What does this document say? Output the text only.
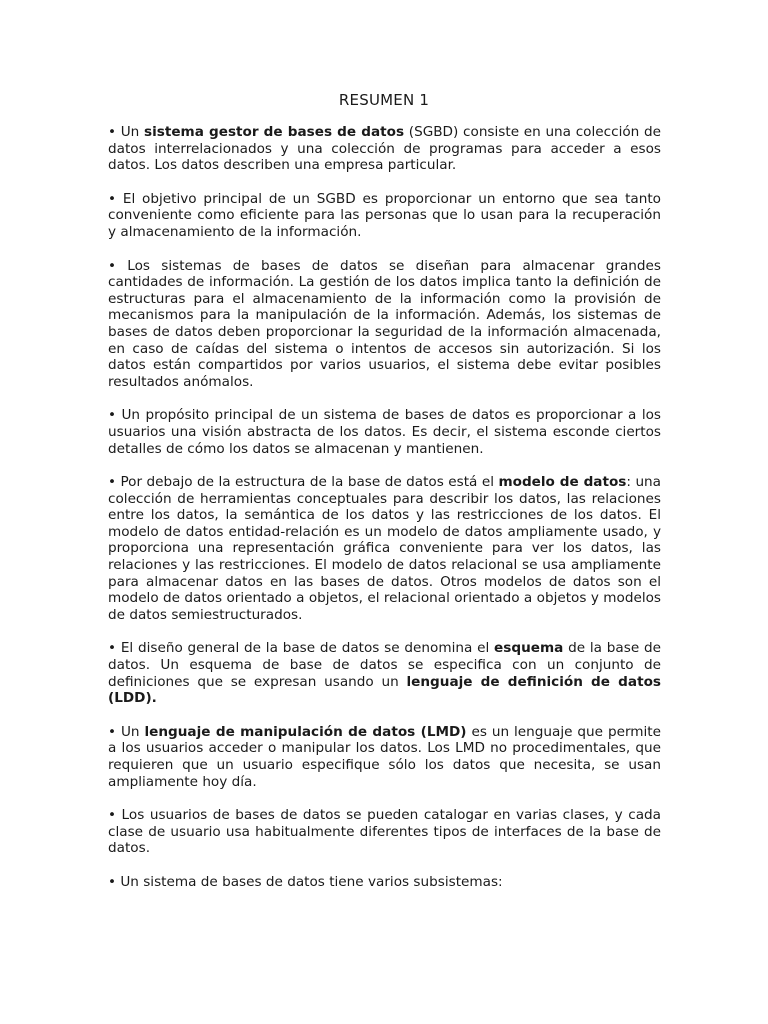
RESUMEN 1

• Un sistema gestor de bases de datos (SGBD) consiste en una colección de datos interrelacionados y una colección de programas para acceder a esos datos. Los datos describen una empresa particular.

• El objetivo principal de un SGBD es proporcionar un entorno que sea tanto conveniente como eficiente para las personas que lo usan para la recuperación y almacenamiento de la información.

• Los sistemas de bases de datos se diseñan para almacenar grandes cantidades de información. La gestión de los datos implica tanto la definición de estructuras para el almacenamiento de la información como la provisión de mecanismos para la manipulación de la información. Además, los sistemas de bases de datos deben proporcionar la seguridad de la información almacenada, en caso de caídas del sistema o intentos de accesos sin autorización. Si los datos están compartidos por varios usuarios, el sistema debe evitar posibles resultados anómalos.

• Un propósito principal de un sistema de bases de datos es proporcionar a los usuarios una visión abstracta de los datos. Es decir, el sistema esconde ciertos detalles de cómo los datos se almacenan y mantienen.

• Por debajo de la estructura de la base de datos está el modelo de datos: una colección de herramientas conceptuales para describir los datos, las relaciones entre los datos, la semántica de los datos y las restricciones de los datos. El modelo de datos entidad-relación es un modelo de datos ampliamente usado, y proporciona una representación gráfica conveniente para ver los datos, las relaciones y las restricciones. El modelo de datos relacional se usa ampliamente para almacenar datos en las bases de datos. Otros modelos de datos son el modelo de datos orientado a objetos, el relacional orientado a objetos y modelos de datos semiestructurados.

• El diseño general de la base de datos se denomina el esquema de la base de datos. Un esquema de base de datos se especifica con un conjunto de definiciones que se expresan usando un lenguaje de definición de datos (LDD).

• Un lenguaje de manipulación de datos (LMD) es un lenguaje que permite a los usuarios acceder o manipular los datos. Los LMD no procedimentales, que requieren que un usuario especifique sólo los datos que necesita, se usan ampliamente hoy día.

• Los usuarios de bases de datos se pueden catalogar en varias clases, y cada clase de usuario usa habitualmente diferentes tipos de interfaces de la base de datos.

• Un sistema de bases de datos tiene varios subsistemas:
